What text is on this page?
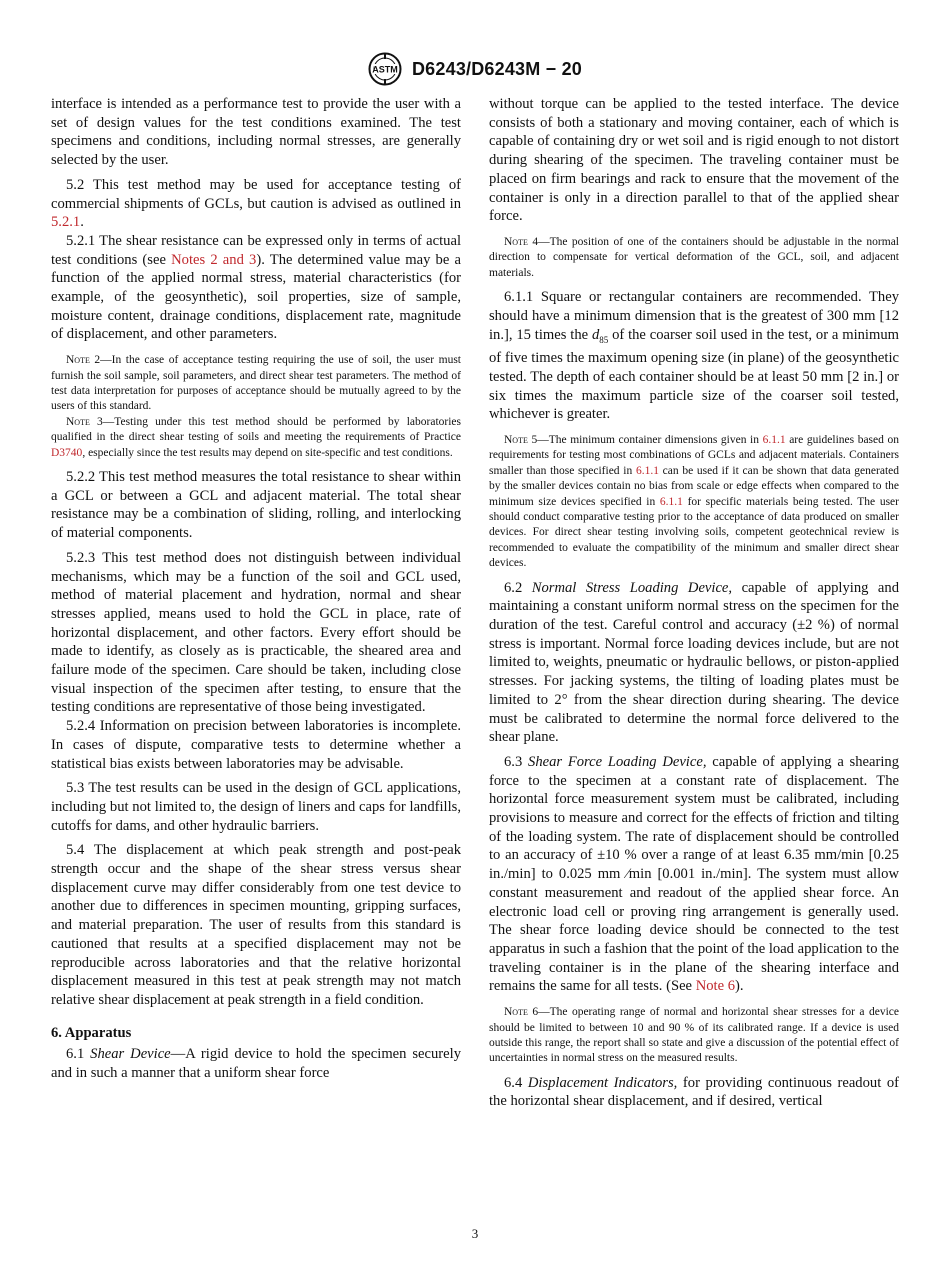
ASTM D6243/D6243M − 20

interface is intended as a performance test to provide the user with a set of design values for the test conditions examined. The test specimens and conditions, including normal stresses, are generally selected by the user.

5.2 This test method may be used for acceptance testing of commercial shipments of GCLs, but caution is advised as outlined in 5.2.1.

5.2.1 The shear resistance can be expressed only in terms of actual test conditions (see Notes 2 and 3). The determined value may be a function of the applied normal stress, material characteristics (for example, of the geosynthetic), soil properties, size of sample, moisture content, drainage conditions, displacement rate, magnitude of displacement, and other parameters.

Note 2—In the case of acceptance testing requiring the use of soil, the user must furnish the soil sample, soil parameters, and direct shear test parameters. The method of test data interpretation for purposes of acceptance should be mutually agreed to by the users of this standard.
Note 3—Testing under this test method should be performed by laboratories qualified in the direct shear testing of soils and meeting the requirements of Practice D3740, especially since the test results may depend on site-specific and test conditions.

5.2.2 This test method measures the total resistance to shear within a GCL or between a GCL and adjacent material. The total shear resistance may be a combination of sliding, rolling, and interlocking of material components.

5.2.3 This test method does not distinguish between individual mechanisms, which may be a function of the soil and GCL used, method of material placement and hydration, normal and shear stresses applied, means used to hold the GCL in place, rate of horizontal displacement, and other factors. Every effort should be made to identify, as closely as is practicable, the sheared area and failure mode of the specimen. Care should be taken, including close visual inspection of the specimen after testing, to ensure that the testing conditions are representative of those being investigated.

5.2.4 Information on precision between laboratories is incomplete. In cases of dispute, comparative tests to determine whether a statistical bias exists between laboratories may be advisable.

5.3 The test results can be used in the design of GCL applications, including but not limited to, the design of liners and caps for landfills, cutoffs for dams, and other hydraulic barriers.

5.4 The displacement at which peak strength and post-peak strength occur and the shape of the shear stress versus shear displacement curve may differ considerably from one test device to another due to differences in specimen mounting, gripping surfaces, and material preparation. The user of results from this standard is cautioned that results at a specified displacement may not be reproducible across laboratories and that the relative horizontal displacement measured in this test at peak strength may not match relative shear displacement at peak strength in a field condition.

6. Apparatus

6.1 Shear Device—A rigid device to hold the specimen securely and in such a manner that a uniform shear force

without torque can be applied to the tested interface. The device consists of both a stationary and moving container, each of which is capable of containing dry or wet soil and is rigid enough to not distort during shearing of the specimen. The traveling container must be placed on firm bearings and rack to ensure that the movement of the container is only in a direction parallel to that of the applied shear force.

Note 4—The position of one of the containers should be adjustable in the normal direction to compensate for vertical deformation of the GCL, soil, and adjacent materials.

6.1.1 Square or rectangular containers are recommended. They should have a minimum dimension that is the greatest of 300 mm [12 in.], 15 times the $d_{85}$ of the coarser soil used in the test, or a minimum of five times the maximum opening size (in plane) of the geosynthetic tested. The depth of each container should be at least 50 mm [2 in.] or six times the maximum particle size of the coarser soil tested, whichever is greater.

Note 5—The minimum container dimensions given in 6.1.1 are guidelines based on requirements for testing most combinations of GCLs and adjacent materials. Containers smaller than those specified in 6.1.1 can be used if it can be shown that data generated by the smaller devices contain no bias from scale or edge effects when compared to the minimum size devices specified in 6.1.1 for specific materials being tested. The user should conduct comparative testing prior to the acceptance of data produced on smaller devices. For direct shear testing involving soils, competent geotechnical review is recommended to evaluate the compatibility of the minimum and smaller direct shear devices.

6.2 Normal Stress Loading Device, capable of applying and maintaining a constant uniform normal stress on the specimen for the duration of the test. Careful control and accuracy (±2 %) of normal stress is important. Normal force loading devices include, but are not limited to, weights, pneumatic or hydraulic bellows, or piston-applied stresses. For jacking systems, the tilting of loading plates must be limited to 2° from the shear direction during shearing. The device must be calibrated to determine the normal force delivered to the shear plane.

6.3 Shear Force Loading Device, capable of applying a shearing force to the specimen at a constant rate of displacement. The horizontal force measurement system must be calibrated, including provisions to measure and correct for the effects of friction and tilting of the loading system. The rate of displacement should be controlled to an accuracy of ±10 % over a range of at least 6.35 mm/min [0.25 in./min] to 0.025 mm ⁄min [0.001 in./min]. The system must allow constant measurement and readout of the applied shear force. An electronic load cell or proving ring arrangement is generally used. The shear force loading device should be connected to the test apparatus in such a fashion that the point of the load application to the traveling container is in the plane of the shearing interface and remains the same for all tests. (See Note 6).

Note 6—The operating range of normal and horizontal shear stresses for a device should be limited to between 10 and 90 % of its calibrated range. If a device is used outside this range, the report shall so state and give a discussion of the potential effect of uncertainties in normal stress on the measured results.

6.4 Displacement Indicators, for providing continuous readout of the horizontal shear displacement, and if desired, vertical

3
